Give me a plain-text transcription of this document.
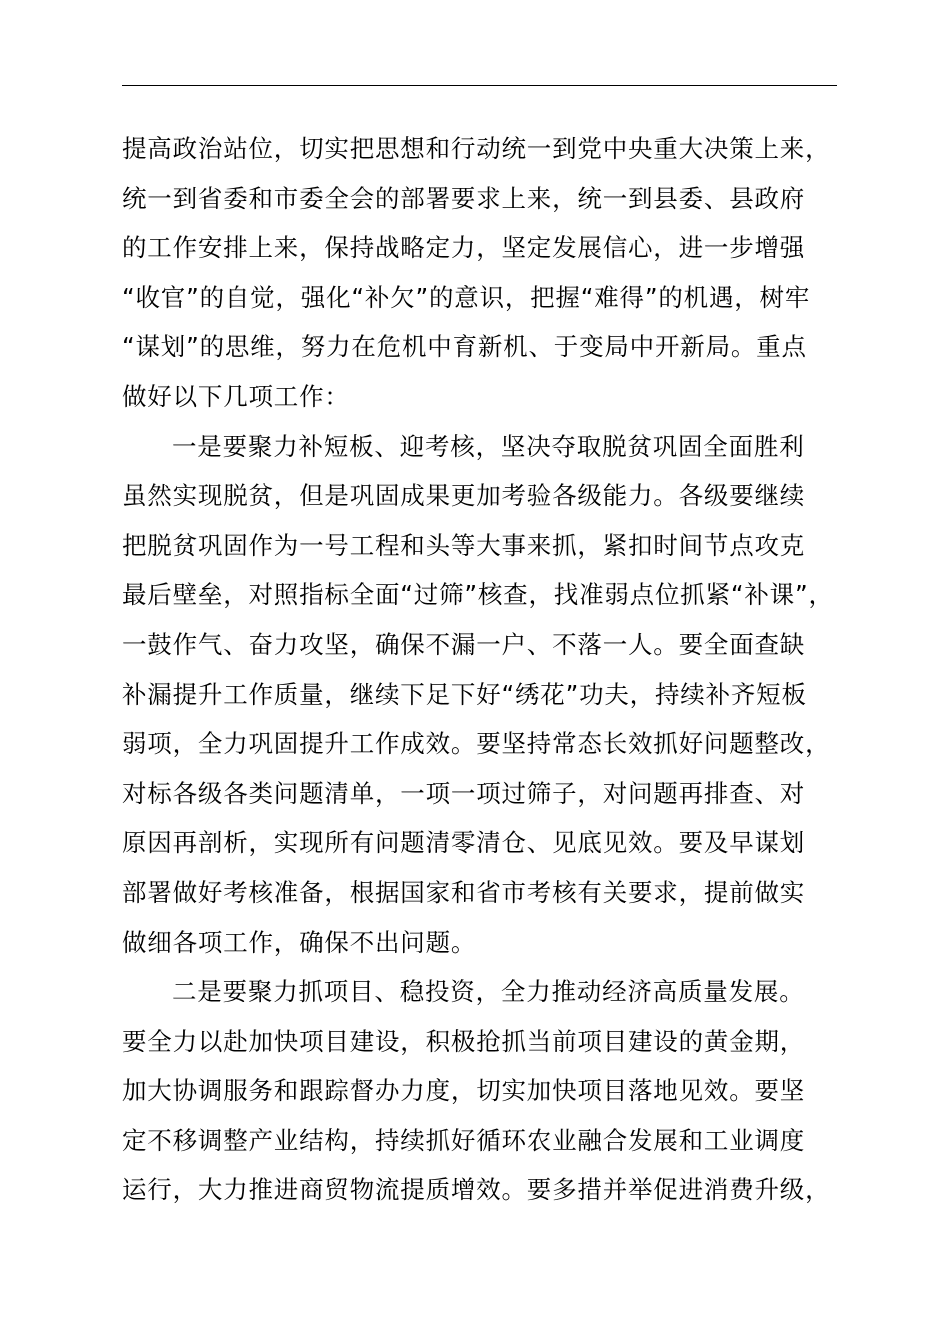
提高政治站位，切实把思想和行动统一到党中央重大决策上来，
统一到省委和市委全会的部署要求上来，统一到县委、县政府
的工作安排上来，保持战略定力，坚定发展信心，进一步增强
“收官”的自觉，强化“补欠”的意识，把握“难得”的机遇，树牢
“谋划”的思维，努力在危机中育新机、于变局中开新局。重点
做好以下几项工作：
一是要聚力补短板、迎考核，坚决夺取脱贫巩固全面胜利
虽然实现脱贫，但是巩固成果更加考验各级能力。各级要继续
把脱贫巩固作为一号工程和头等大事来抓，紧扣时间节点攻克
最后壁垒，对照指标全面“过筛”核查，找准弱点位抓紧“补课”，
一鼓作气、奋力攻坚，确保不漏一户、不落一人。要全面查缺
补漏提升工作质量，继续下足下好“绣花”功夫，持续补齐短板
弱项，全力巩固提升工作成效。要坚持常态长效抓好问题整改，
对标各级各类问题清单，一项一项过筛子，对问题再排查、对
原因再剖析，实现所有问题清零清仓、见底见效。要及早谋划
部署做好考核准备，根据国家和省市考核有关要求，提前做实
做细各项工作，确保不出问题。
二是要聚力抓项目、稳投资，全力推动经济高质量发展。
要全力以赴加快项目建设，积极抢抓当前项目建设的黄金期，
加大协调服务和跟踪督办力度，切实加快项目落地见效。要坚
定不移调整产业结构，持续抓好循环农业融合发展和工业调度
运行，大力推进商贸物流提质增效。要多措并举促进消费升级，
